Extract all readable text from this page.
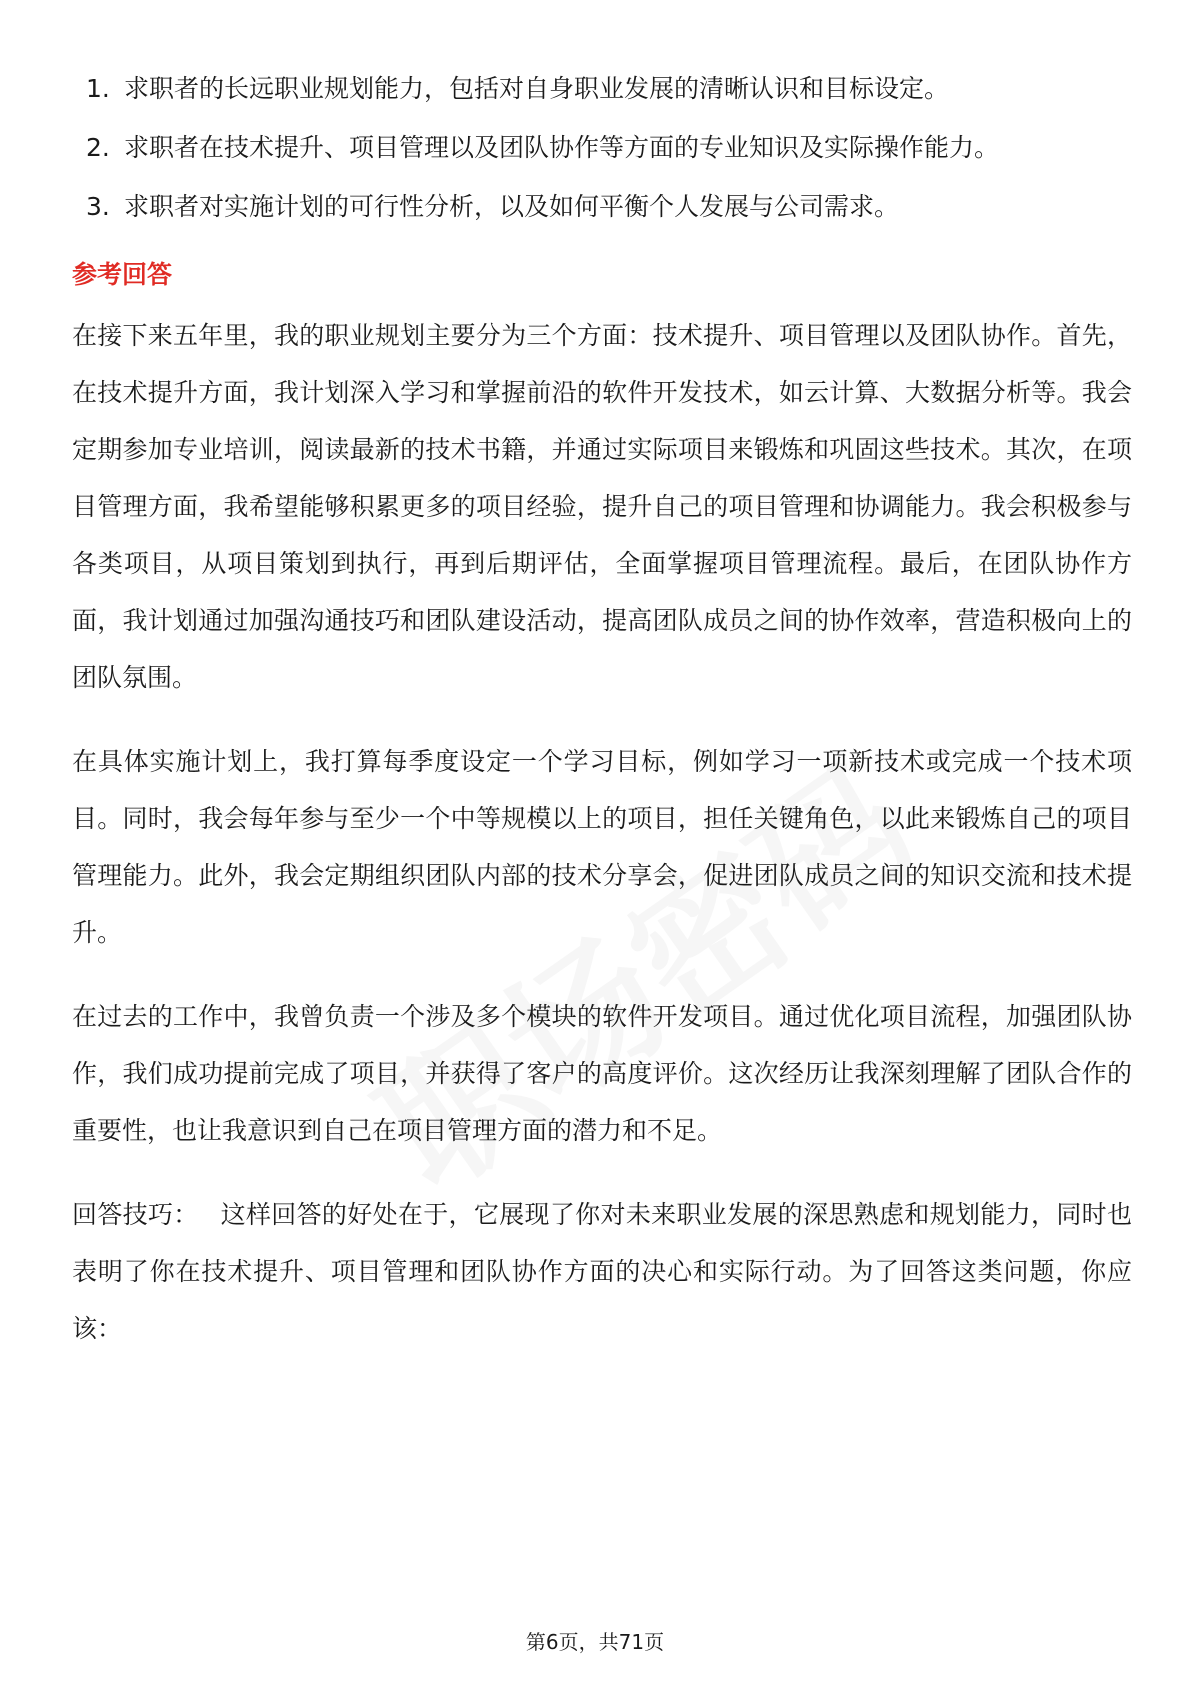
1. 求职者的长远职业规划能力，包括对自身职业发展的清晰认识和目标设定。
2. 求职者在技术提升、项目管理以及团队协作等方面的专业知识及实际操作能力。
3. 求职者对实施计划的可行性分析，以及如何平衡个人发展与公司需求。
参考回答

在接下来五年里，我的职业规划主要分为三个方面：技术提升、项目管理以及团队协作。首先，在技术提升方面，我计划深入学习和掌握前沿的软件开发技术，如云计算、大数据分析等。我会定期参加专业培训，阅读最新的技术书籍，并通过实际项目来锻炼和巩固这些技术。其次，在项目管理方面，我希望能够积累更多的项目经验，提升自己的项目管理和协调能力。我会积极参与各类项目，从项目策划到执行，再到后期评估，全面掌握项目管理流程。最后，在团队协作方面，我计划通过加强沟通技巧和团队建设活动，提高团队成员之间的协作效率，营造积极向上的团队氛围。

在具体实施计划上，我打算每季度设定一个学习目标，例如学习一项新技术或完成一个技术项目。同时，我会每年参与至少一个中等规模以上的项目，担任关键角色，以此来锻炼自己的项目管理能力。此外，我会定期组织团队内部的技术分享会，促进团队成员之间的知识交流和技术提升。

在过去的工作中，我曾负责一个涉及多个模块的软件开发项目。通过优化项目流程，加强团队协作，我们成功提前完成了项目，并获得了客户的高度评价。这次经历让我深刻理解了团队合作的重要性，也让我意识到自己在项目管理方面的潜力和不足。

回答技巧： 这样回答的好处在于，它展现了你对未来职业发展的深思熟虑和规划能力，同时也表明了你在技术提升、项目管理和团队协作方面的决心和实际行动。为了回答这类问题，你应该：

第6页，共71页
